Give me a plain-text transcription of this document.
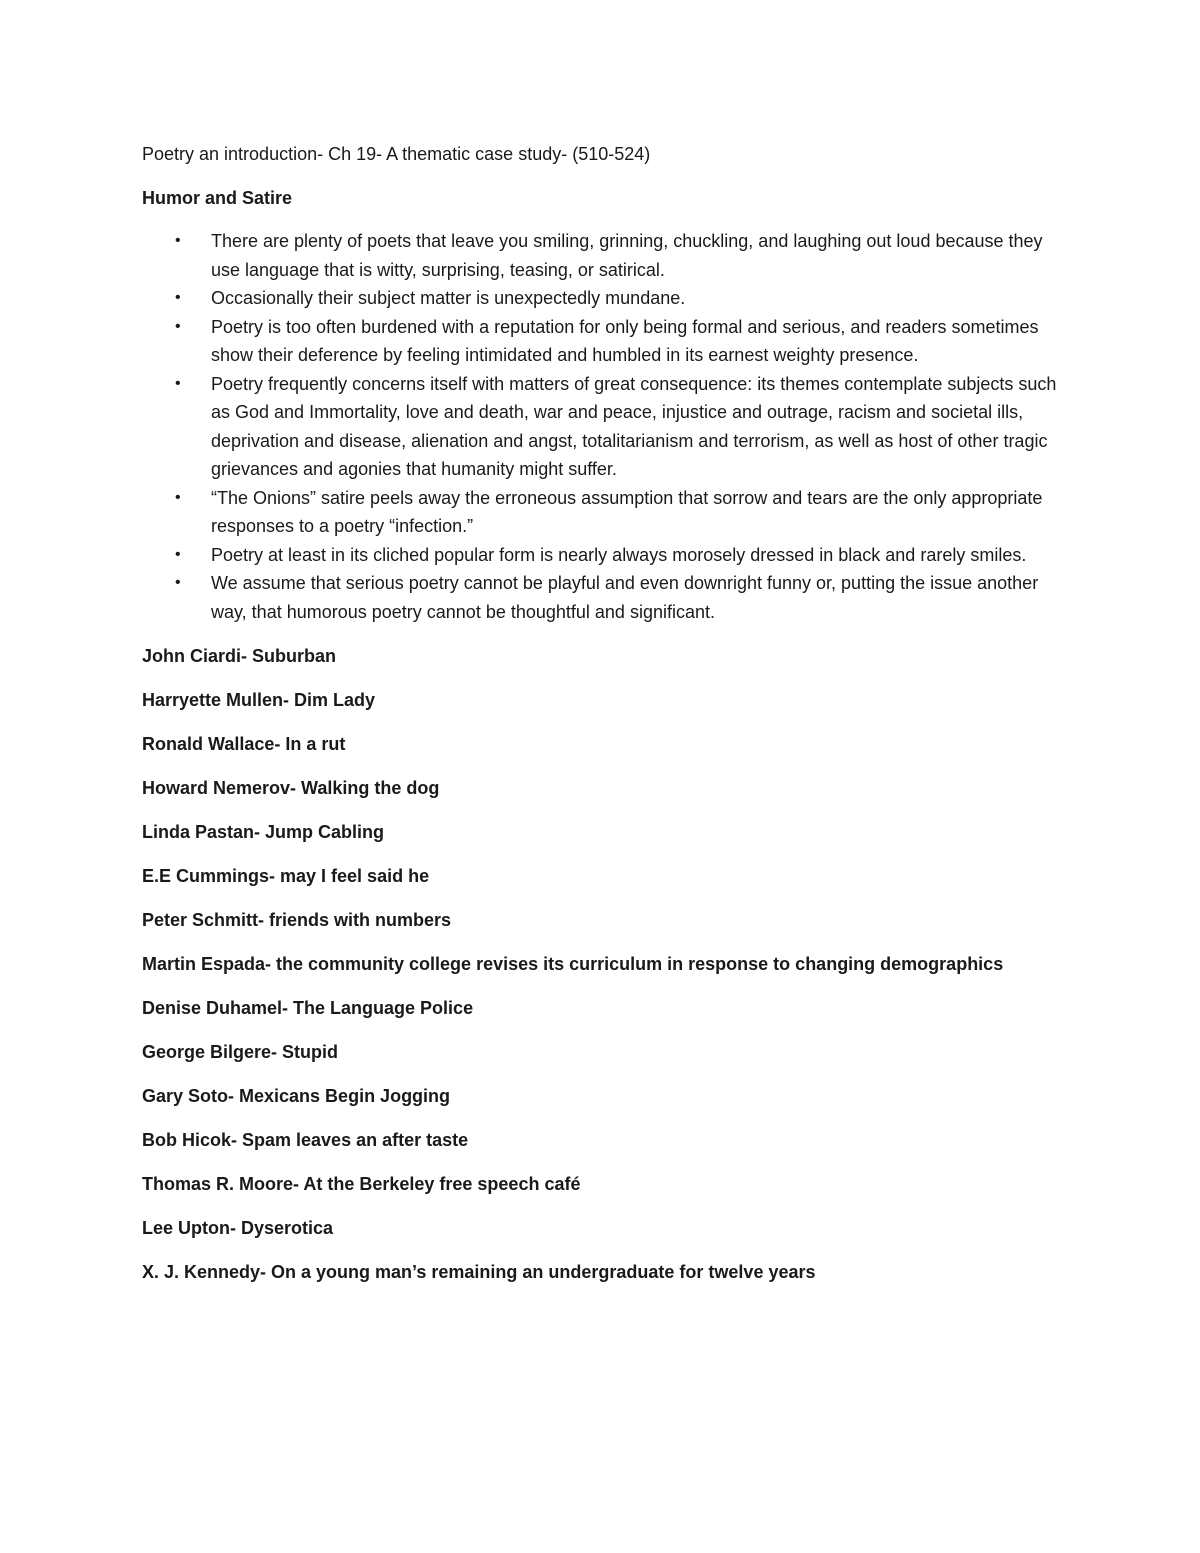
Poetry an introduction- Ch 19- A thematic case study- (510-524)

Humor and Satire

• There are plenty of poets that leave you smiling, grinning, chuckling, and laughing out loud because they use language that is witty, surprising, teasing, or satirical.
• Occasionally their subject matter is unexpectedly mundane.
• Poetry is too often burdened with a reputation for only being formal and serious, and readers sometimes show their deference by feeling intimidated and humbled in its earnest weighty presence.
• Poetry frequently concerns itself with matters of great consequence: its themes contemplate subjects such as God and Immortality, love and death, war and peace, injustice and outrage, racism and societal ills, deprivation and disease, alienation and angst, totalitarianism and terrorism, as well as host of other tragic grievances and agonies that humanity might suffer.
• “The Onions” satire peels away the erroneous assumption that sorrow and tears are the only appropriate responses to a poetry “infection.”
• Poetry at least in its cliched popular form is nearly always morosely dressed in black and rarely smiles.
• We assume that serious poetry cannot be playful and even downright funny or, putting the issue another way, that humorous poetry cannot be thoughtful and significant.

John Ciardi- Suburban

Harryette Mullen- Dim Lady

Ronald Wallace- In a rut

Howard Nemerov- Walking the dog

Linda Pastan- Jump Cabling

E.E Cummings- may I feel said he

Peter Schmitt- friends with numbers

Martin Espada- the community college revises its curriculum in response to changing demographics

Denise Duhamel- The Language Police

George Bilgere- Stupid

Gary Soto- Mexicans Begin Jogging

Bob Hicok- Spam leaves an after taste

Thomas R. Moore- At the Berkeley free speech café

Lee Upton- Dyserotica

X. J. Kennedy- On a young man’s remaining an undergraduate for twelve years
